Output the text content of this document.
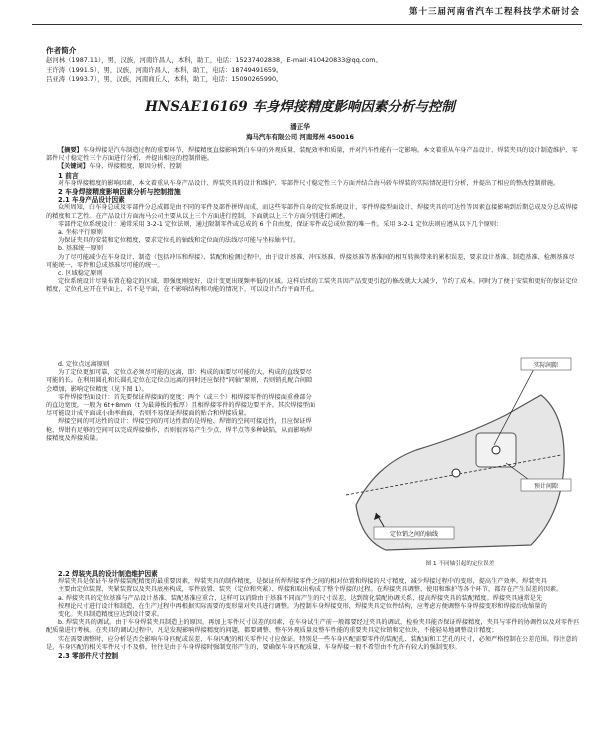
第十三届河南省汽车工程科技学术研讨会
作者简介
赵河林（1987.11），男，汉族，河南许昌人，本科，助工，电话：15237402838，E-mail:410420833@qq.com。
王许涛（1991.5），男，汉族，河南许昌人，本科，助工，电话：18749491659。
吕亚涛（1993.7），男，汉族，河南商丘人，本科，助工，电话：15090265990。
HNSAE16169 车身焊接精度影响因素分析与控制
潘正华
海马汽车有限公司 河南郑州 450016

【摘要】车身焊接是汽车制造过程的重要环节，焊接精度直接影响到白车身的外观质量、装配效率和质量，并对汽车性能有一定影响。本文着重从车身产品设计、焊装夹具的设计制造维护、零部件尺寸稳定性三个方面进行分析，并提出相应的控制措施。

【关键词】车身、焊接精度、原因分析、控制

1 前言

对车身焊接精度的影响因素，本文着重从车身产品设计、焊装夹具的设计和维护、零部件尺寸稳定性三个方面并结合海马轿车焊装的实际情况进行分析，并提出了相应的整改控制措施。

2 车身焊接精度影响因素分析与控制措施

2.1 车身产品设计因素

众所周知，白车身总成及零部件分总成都是由不同的零件及部件拼焊而成，而这些零部件自身的定位系统设计、零件焊接型面设计、焊接夹具的可达性等因素直接影响到后期总成及分总成焊接的精度和工艺性。在产品设计方面海马公司主要从以上三个方面进行控制，下面就以上三个方面分别进行阐述。

零部件定位系统设计：通常采用 3-2-1 定位法则，通过限制零件或总成的 6 个自由度，保证零件或总成位置的唯一性。采用 3-2-1 定位法则应遵从以下几个原则：

a. 坐标平行原则

为保证夹具的安装和定位精度，要求定位孔的轴线和定位面的法线尽可能与坐标轴平行。

b. 基准统一原则

为了尽可能减少在车身设计、制造（包括冲压和焊接）、装配和检测过程中，由于设计基准、冲压基准、焊接基准等基准间的相互转换带来的累积误差，要求设计基准、制造基准、检测基准尽可能统一，零件和总成基准尽可能的统一。

c. 区域稳定原则

定位系统设计尽量布置在稳定的区域，即强度刚度好，设计变更出现频率低的区域。这样后续的工装夹具因产品变更引起的修改就大大减少，节约了成本。同时为了便于安装和更好的保证定位精度，定位孔应开在平面上，若不是平面，在不影响结构和功能的情况下，可以设计凸台平面开孔。

d. 定位点远离原则

为了定位更加可靠，定位点必须尽可能的远离，即：构成的面要尽可能的大，构成的直线要尽可能的长。在利用圆孔和长圆孔定位在定位点远离的同时还应保持“同轴”原则，否则销孔配合间隙会增加，影响定位精度（见下图 1）。

零件焊接型面设计：首先要保证焊接面的宽度：两个（或三个）相焊接零件的焊接面重叠部分的直边宽度，一般为 6t+8mm（t 为最薄板的板厚）且相焊接零件的焊接边要平齐。其次焊接型面尽可能设计成平面或小曲率曲面，否则不易保证焊接面的贴合和焊接质量。

焊接空间的可达性的设计：焊接空间的可达性指的是焊枪、焊钳的空间可接近性，且应保证焊枪、焊钳有足够的空间可以完成焊接操作，否则很容易产生少点、焊半点等多种缺陷，从而影响焊接精度及焊接质量。

实际间隙
预计间隙
定位销之间的轴线
图 1 不同轴引起的定位误差

2.2 焊装夹具的设计制造维护因素

焊装夹具是保证车身焊接装配精度的最重要因素，焊装夹具的制作精度，是保证所焊焊接零件之间的相对位置和焊接的尺寸精度，减少焊接过程中的变形，提高生产效率。焊装夹具

主要由定位装置、夹紧装置以及夹具底座构成，零件放置、装夹（定位和夹紧）、焊接和取出构成了整个焊接的过程。在焊接夹具调整、使用和维护等各个环节，都存在产生误差的因素。

a. 焊接夹具的定位基准与产品设计基准、装配基准应重合，这样可以消除由于基准不同而产生的尺寸误差，达到简化装配协调关系，提高焊接夹具的装配精度。焊接夹具通常是先

按理论尺寸进行设计和制造，在生产过程中再根据实际需要的变形量对夹具进行调整。为控制车身焊接变形，焊接夹具定位件结构，应考虑方便调整车身焊接变形和焊接后收缩量的

变化。夹具制造精度应达到设计要求。

b. 焊装夹具的调试。由于车身焊装夹具制造上的原因，再加上零件尺寸误差的因素，在车身试生产前一般都要经过夹具的调试，检验夹具能否保证焊接精度，夹具与零件的协调性以及对零件匹配质量进行考核。在夹具的调试过程中，凡是发现影响焊接精度的问题，都要调整、整车外观质量及整车性能的重要夹具定位销和定位块，不能轻易地调整设计精度；

实在需要调整时，应分析是否会影响车身匹配或误差，车身匹配的相关零件尺寸应保证。特别是一些车身匹配需要零件的装配孔、装配面和工艺孔的尺寸，必须严格控制在公差范围。得注意的是，车身匹配的相关零件尺寸不及格，往往是由于车身焊接时强制变形产生的，要确保车身匹配质量，车身焊接一般不希望由不允许有较大的强制变形。

2.3 零部件尺寸控制
